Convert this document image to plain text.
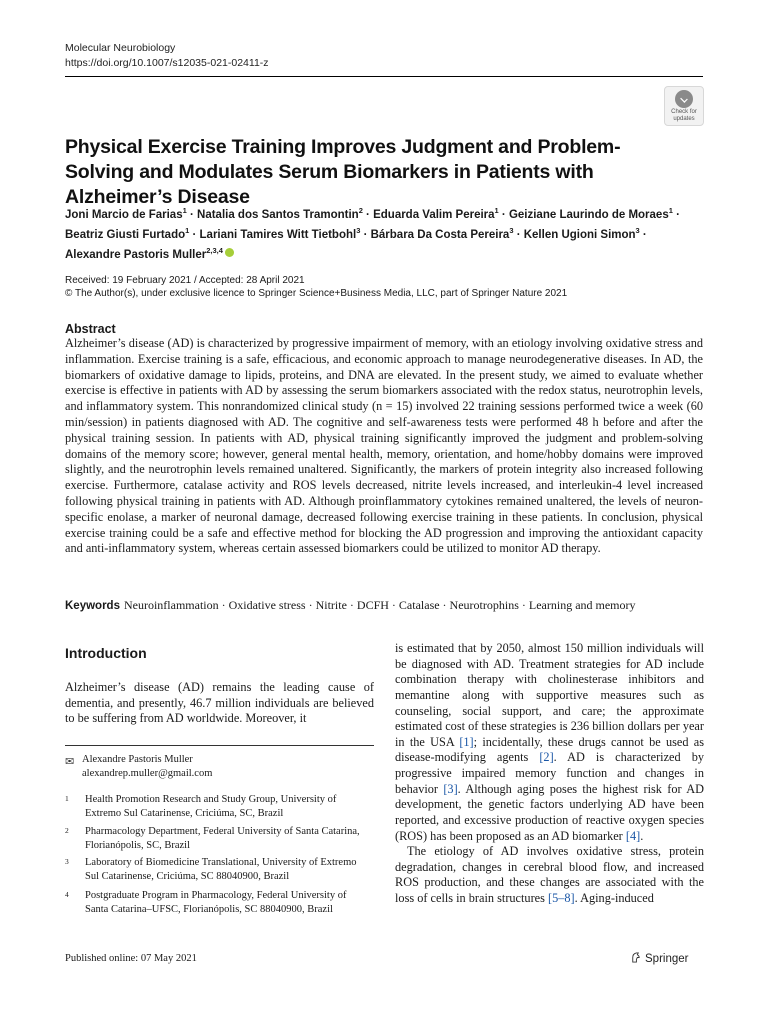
Molecular Neurobiology
https://doi.org/10.1007/s12035-021-02411-z
Check for
updates
Physical Exercise Training Improves Judgment and Problem-Solving and Modulates Serum Biomarkers in Patients with Alzheimer’s Disease
Joni Marcio de Farias$^1$ · Natalia dos Santos Tramontin$^2$ · Eduarda Valim Pereira$^1$ · Geiziane Laurindo de Moraes$^1$ ·
Beatriz Giusti Furtado$^1$ · Lariani Tamires Witt Tietbohl$^3$ · Bárbara Da Costa Pereira$^3$ · Kellen Ugioni Simon$^3$ ·
Alexandre Pastoris Muller$^{2,3,4}$
Received: 19 February 2021 / Accepted: 28 April 2021
© The Author(s), under exclusive licence to Springer Science+Business Media, LLC, part of Springer Nature 2021
Abstract
Alzheimer’s disease (AD) is characterized by progressive impairment of memory, with an etiology involving oxidative stress and inflammation. Exercise training is a safe, efficacious, and economic approach to manage neurodegenerative diseases. In AD, the biomarkers of oxidative damage to lipids, proteins, and DNA are elevated. In the present study, we aimed to evaluate whether exercise is effective in patients with AD by assessing the serum biomarkers associated with the redox status, neurotrophin levels, and inflammatory system. This nonrandomized clinical study (n = 15) involved 22 training sessions performed twice a week (60 min/session) in patients diagnosed with AD. The cognitive and self-awareness tests were performed 48 h before and after the physical training session. In patients with AD, physical training significantly improved the judgment and problem-solving domains of the memory score; however, general mental health, memory, orientation, and home/hobby domains were improved slightly, and the neurotrophin levels remained unaltered. Significantly, the markers of protein integrity also increased following exercise. Furthermore, catalase activity and ROS levels decreased, nitrite levels increased, and interleukin-4 level increased following physical training in patients with AD. Although proinflammatory cytokines remained unaltered, the levels of neuron-specific enolase, a marker of neuronal damage, decreased following exercise training in these patients. In conclusion, physical exercise training could be a safe and effective method for blocking the AD progression and improving the antioxidant capacity and anti-inflammatory system, whereas certain assessed biomarkers could be utilized to monitor AD therapy.
Keywords Neuroinflammation · Oxidative stress · Nitrite · DCFH · Catalase · Neurotrophins · Learning and memory
Introduction
Alzheimer’s disease (AD) remains the leading cause of dementia, and presently, 46.7 million individuals are believed to be suffering from AD worldwide. Moreover, it
✉ Alexandre Pastoris Muller
alexandrep.muller@gmail.com
1 Health Promotion Research and Study Group, University of Extremo Sul Catarinense, Criciúma, SC, Brazil
2 Pharmacology Department, Federal University of Santa Catarina, Florianópolis, SC, Brazil
3 Laboratory of Biomedicine Translational, University of Extremo Sul Catarinense, Criciúma, SC 88040900, Brazil
4 Postgraduate Program in Pharmacology, Federal University of Santa Catarina–UFSC, Florianópolis, SC 88040900, Brazil

is estimated that by 2050, almost 150 million individuals will be diagnosed with AD. Treatment strategies for AD include combination therapy with cholinesterase inhibitors and memantine along with supportive measures such as counseling, social support, and care; the approximate estimated cost of these strategies is 236 billion dollars per year in the USA [1]; incidentally, these drugs cannot be used as disease-modifying agents [2]. AD is characterized by progressive impaired memory function and changes in behavior [3]. Although aging poses the highest risk for AD development, the genetic factors underlying AD have been reported, and excessive production of reactive oxygen species (ROS) has been proposed as an AD biomarker [4].

The etiology of AD involves oxidative stress, protein degradation, changes in cerebral blood flow, and increased ROS production, and these changes are associated with the loss of cells in brain structures [5–8]. Aging-induced

Published online: 07 May 2021	Springer
